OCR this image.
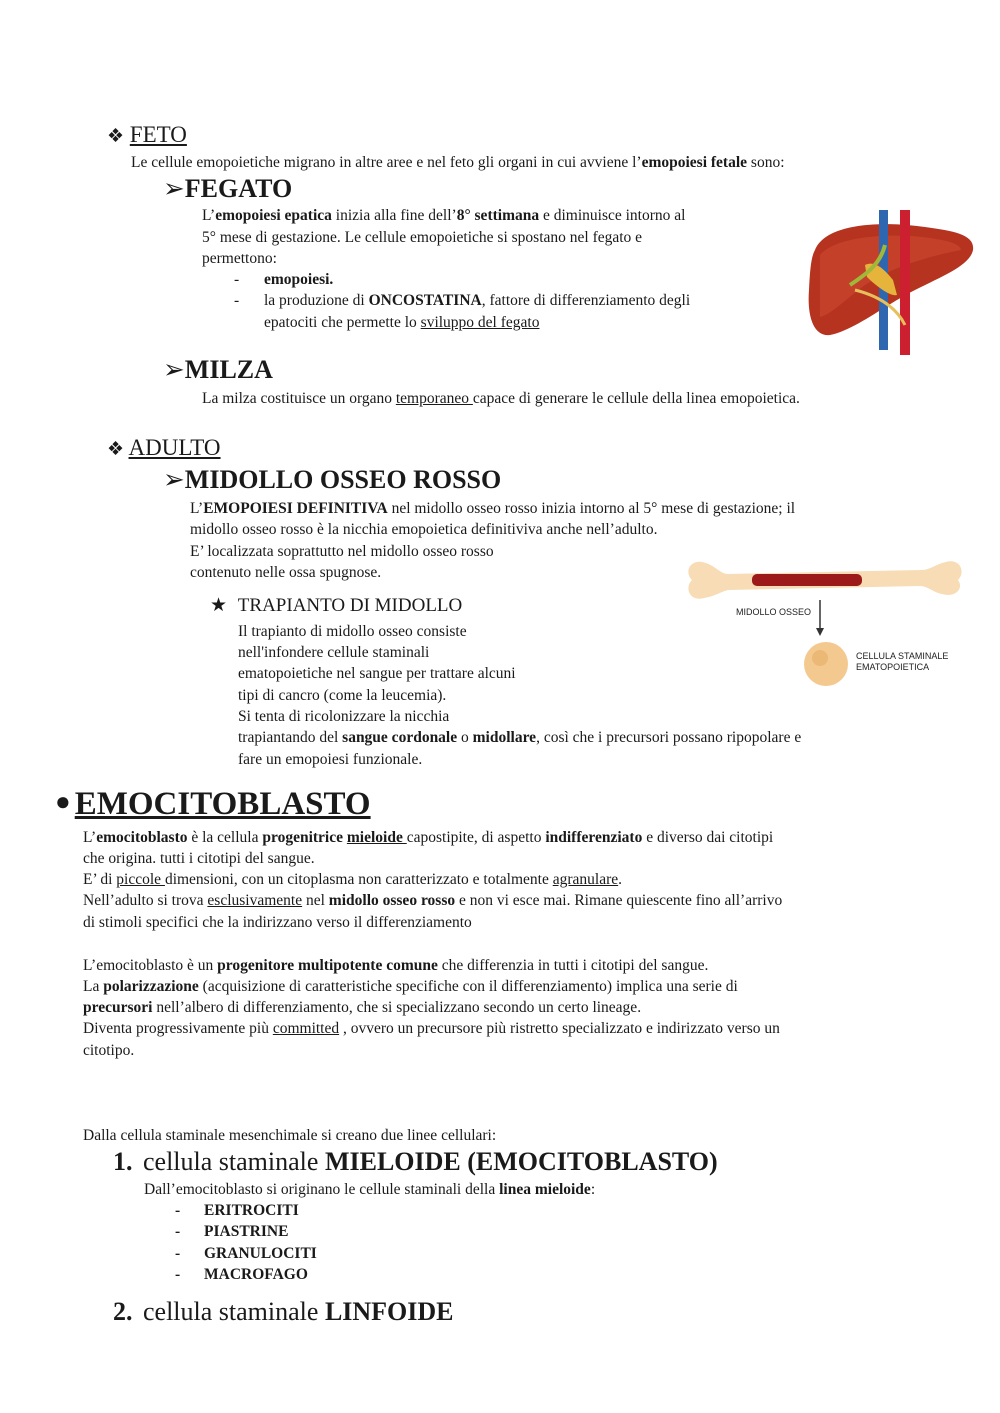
❖ FETO
Le cellule emopoietiche migrano in altre aree e nel feto gli organi in cui avviene l’emopoiesi fetale sono:
➢FEGATO
L’emopoiesi epatica inizia alla fine dell’8° settimana e diminuisce intorno al
5° mese di gestazione. Le cellule emopoietiche si spostano nel fegato e
permettono:
- emopoiesi.
- la produzione di ONCOSTATINA, fattore di differenziamento degli
epatociti che permette lo sviluppo del fegato
➢MILZA
La milza costituisce un organo temporaneo capace di generare le cellule della linea emopoietica.
❖ ADULTO
➢MIDOLLO OSSEO ROSSO
L’EMOPOIESI DEFINITIVA nel midollo osseo rosso inizia intorno al 5° mese di gestazione; il
midollo osseo rosso è la nicchia emopoietica definitiviva anche nell’adulto.
E’ localizzata soprattutto nel midollo osseo rosso
contenuto nelle ossa spugnose.
MIDOLLO OSSEO
CELLULA STAMINALE
EMATOPOIETICA
★ TRAPIANTO DI MIDOLLO
Il trapianto di midollo osseo consiste
nell'infondere cellule staminali
ematopoietiche nel sangue per trattare alcuni
tipi di cancro (come la leucemia).
Si tenta di ricolonizzare la nicchia
trapiantando del sangue cordonale o midollare, così che i precursori possano ripopolare e
fare un emopoiesi funzionale.
● EMOCITOBLASTO
L’emocitoblasto è la cellula progenitrice mieloide capostipite, di aspetto indifferenziato e diverso dai citotipi
che origina. tutti i citotipi del sangue.
E’ di piccole dimensioni, con un citoplasma non caratterizzato e totalmente agranulare.
Nell’adulto si trova esclusivamente nel midollo osseo rosso e non vi esce mai. Rimane quiescente fino all’arrivo
di stimoli specifici che la indirizzano verso il differenziamento
L’emocitoblasto è un progenitore multipotente comune che differenzia in tutti i citotipi del sangue.
La polarizzazione (acquisizione di caratteristiche specifiche con il differenziamento) implica una serie di
precursori nell’albero di differenziamento, che si specializzano secondo un certo lineage.
Diventa progressivamente più committed , ovvero un precursore più ristretto specializzato e indirizzato verso un
citotipo.
Dalla cellula staminale mesenchimale si creano due linee cellulari:
1. cellula staminale MIELOIDE (EMOCITOBLASTO)
Dall’emocitoblasto si originano le cellule staminali della linea mieloide:
- ERITROCITI
- PIASTRINE
- GRANULOCITI
- MACROFAGO
2. cellula staminale LINFOIDE
